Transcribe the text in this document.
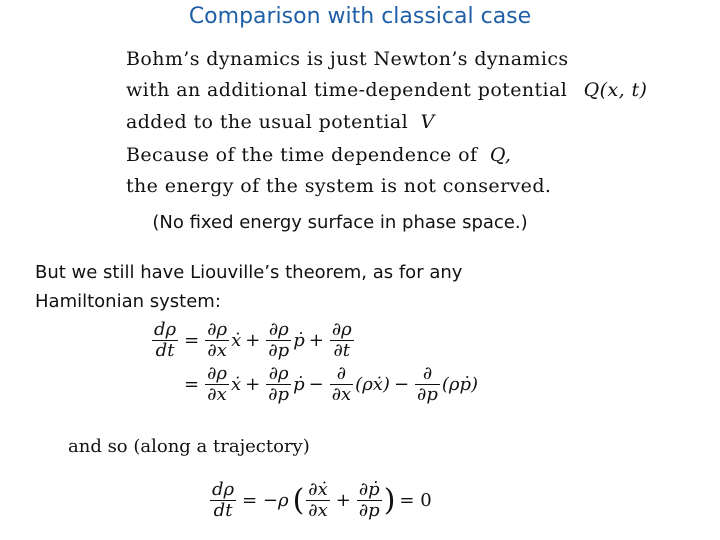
Comparison with classical case
Bohm’s dynamics is just Newton’s dynamics
with an additional time-dependent potential Q(x, t)
added to the usual potential V
Because of the time dependence of Q,
the energy of the system is not conserved.
(No fixed energy surface in phase space.)
But we still have Liouville’s theorem, as for any Hamiltonian system:
$\frac{d\rho}{dt} = \frac{\partial\rho}{\partial x}$ ẋ + $\frac{\partial\rho}{\partial p}$ ṗ + $\frac{\partial\rho}{\partial t}$
= $\frac{\partial\rho}{\partial x}$ ẋ + $\frac{\partial\rho}{\partial p}$ ṗ − $\frac{\partial}{\partial x}$ (ρẋ) − $\frac{\partial}{\partial p}$ (ρṗ)
and so (along a trajectory)
$\frac{d\rho}{dt} = -\rho$ ( $\frac{\text{∂ẋ}}{\partial x} + \frac{\text{∂ṗ}}{\partial p}$ ) = 0
